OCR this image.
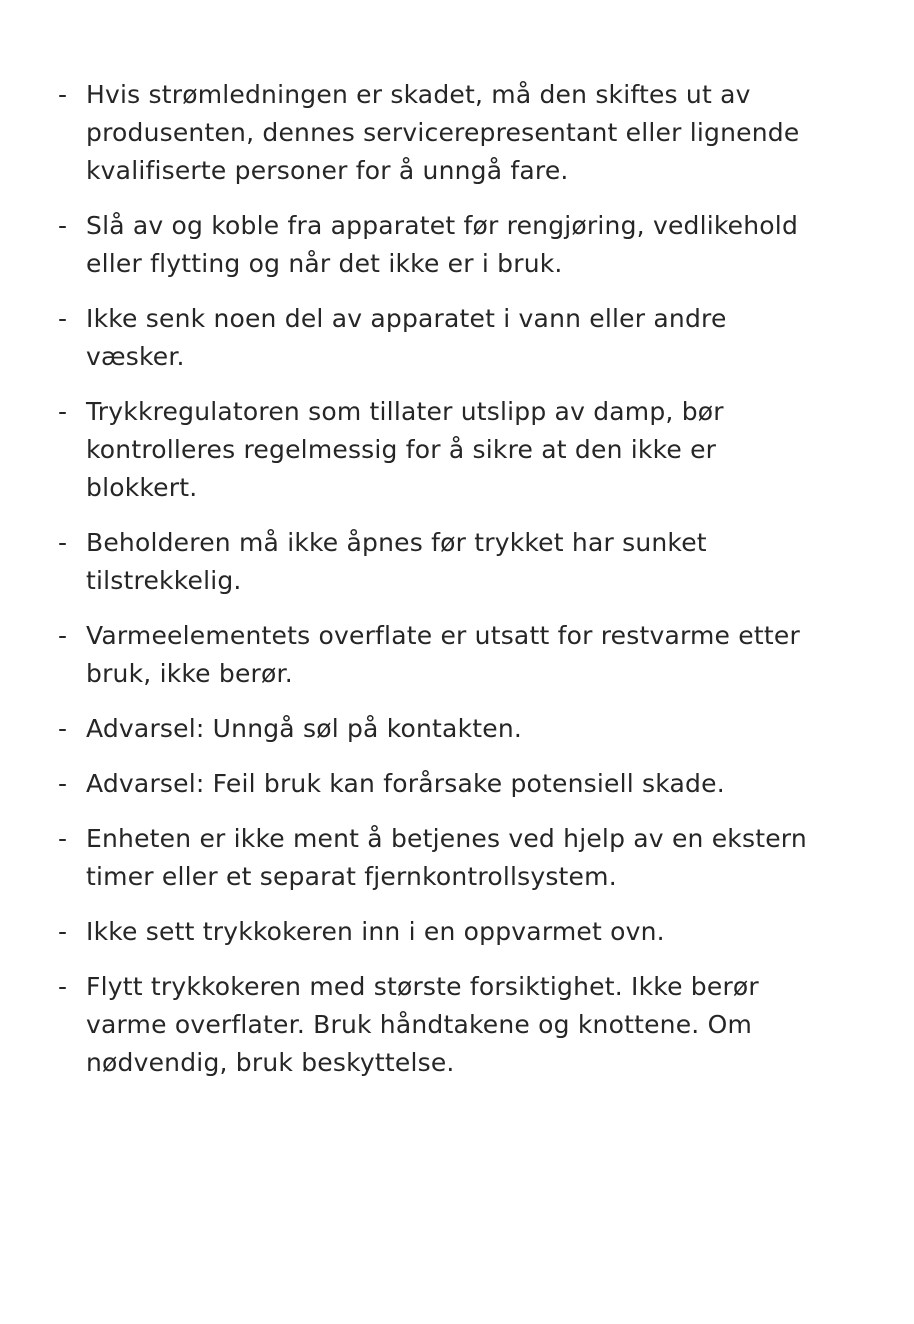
- Hvis strømledningen er skadet, må den skiftes ut av
produsenten, dennes servicerepresentant eller lignende
kvalifiserte personer for å unngå fare.
- Slå av og koble fra apparatet før rengjøring, vedlikehold
eller flytting og når det ikke er i bruk.
- Ikke senk noen del av apparatet i vann eller andre
væsker.
- Trykkregulatoren som tillater utslipp av damp, bør
kontrolleres regelmessig for å sikre at den ikke er
blokkert.
- Beholderen må ikke åpnes før trykket har sunket
tilstrekkelig.
- Varmeelementets overflate er utsatt for restvarme etter
bruk, ikke berør.
- Advarsel: Unngå søl på kontakten.
- Advarsel: Feil bruk kan forårsake potensiell skade.
- Enheten er ikke ment å betjenes ved hjelp av en ekstern
timer eller et separat fjernkontrollsystem.
- Ikke sett trykkokeren inn i en oppvarmet ovn.
- Flytt trykkokeren med største forsiktighet. Ikke berør
varme overflater. Bruk håndtakene og knottene. Om
nødvendig, bruk beskyttelse.
